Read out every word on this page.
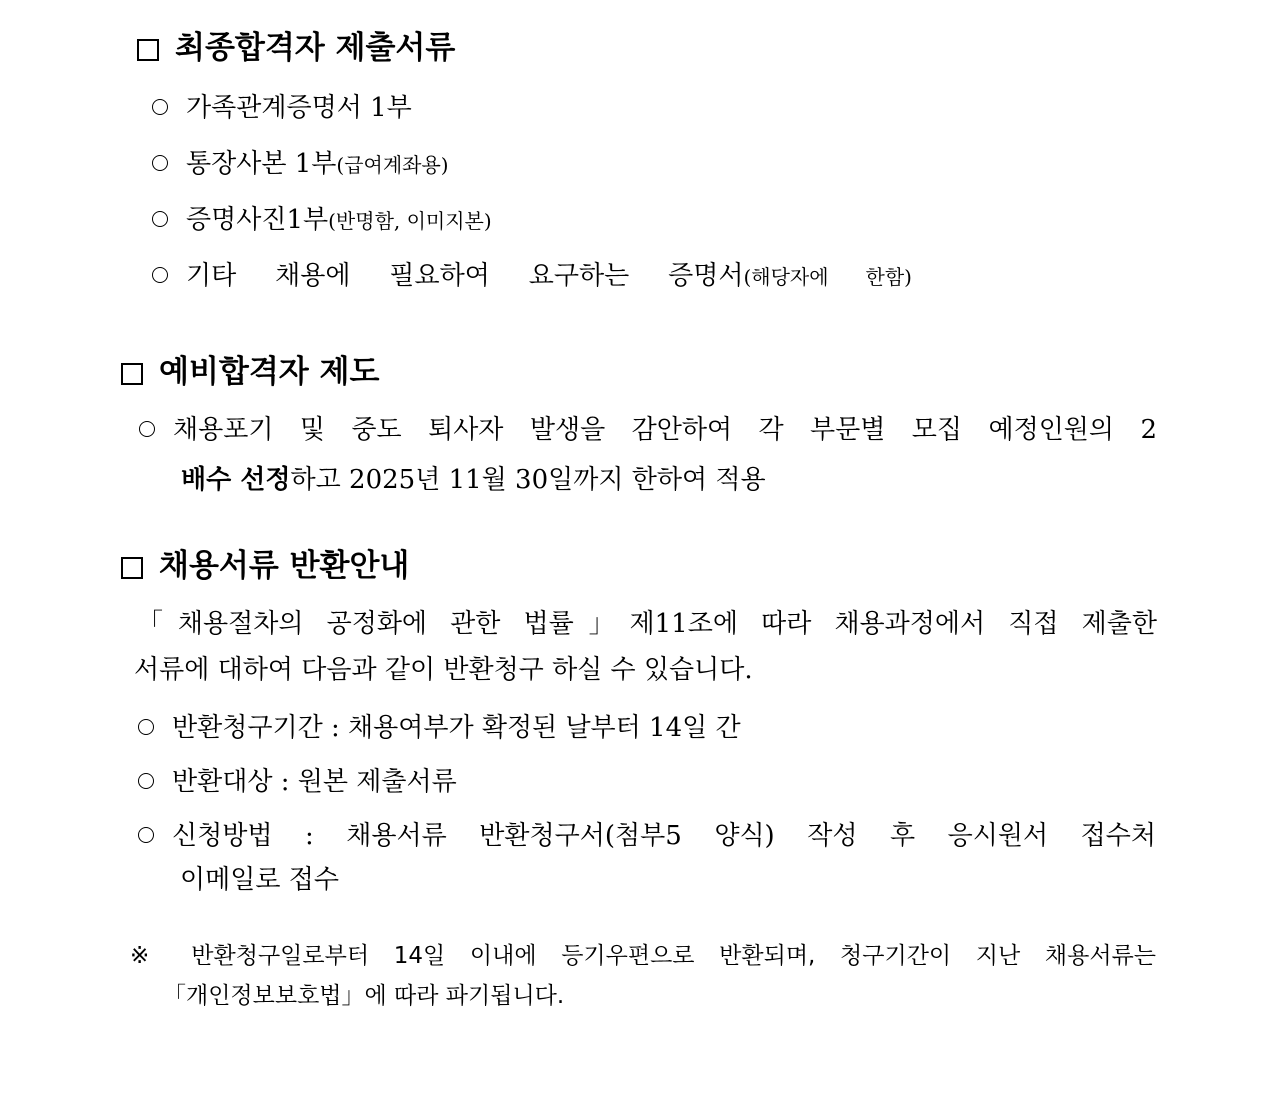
최종합격자 제출서류
가족관계증명서 1부
통장사본 1부(급여계좌용)
증명사진1부(반명함, 이미지본)
기타 채용에 필요하여 요구하는 증명서(해당자에 한함)
예비합격자 제도
채용포기 및 중도 퇴사자 발생을 감안하여 각 부문별 모집 예정인원의 2
배수 선정하고 2025년 11월 30일까지 한하여 적용
채용서류 반환안내
「채용절차의 공정화에 관한 법률」제11조에 따라 채용과정에서 직접 제출한
서류에 대하여 다음과 같이 반환청구 하실 수 있습니다.
반환청구기간 : 채용여부가 확정된 날부터 14일 간
반환대상 : 원본 제출서류
신청방법 : 채용서류 반환청구서(첨부5 양식) 작성 후 응시원서 접수처
이메일로 접수
※ 반환청구일로부터 14일 이내에 등기우편으로 반환되며, 청구기간이 지난 채용서류는
「개인정보보호법」에 따라 파기됩니다.
